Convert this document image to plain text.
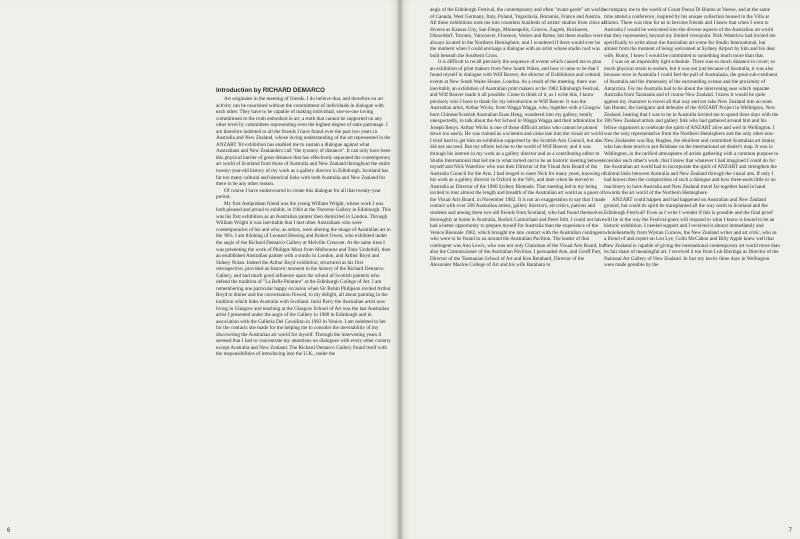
Introduction by RICHARD DEMARCO

Art originates in the meeting of friends. I do believe that, and therefore no art activity can be nourished without the commitment of individuals in dialogue with each other. They have to be capable of making individual, one-to-one loving commitment to the truth embodied in art, a truth that cannot be supported on any other level by committees representing even the highest degree of state patronage. I am therefore indebted to all the friends I have found over the past two years in Australia and New Zealand, whose loving understanding of the art represented in the ANZART '84 exhibition has enabled me to sustain a dialogue against what Australians and New Zealanders call "the tyranny of distance". It can only have been this physical barrier of great distance that has effectively separated the contemporary art world of Scotland from those of Australia and New Zealand throughout the entire twenty-year-old history of my work as a gallery director in Edinburgh. Scotland has far too many cultural and historical links with both Australia and New Zealand for there to be any other reason.

Of course I have endeavoured to create this dialogue for all that twenty-year period.

My first Antipodean friend was the young William Wright, whose work I was both pleased and proud to exhibit, in 1964 at the Traverse Gallery in Edinburgh. This was his first exhibition as an Australian painter then domiciled in London. Through William Wright it was inevitable that I met other Australians who were contemporaries of his and who, as artists, were altering the image of Australian art in the '60's. I am thinking of Leonard Hessing and Robert Owen, who exhibited under the aegis of the Richard Demarco Gallery at Melville Crescent. At the same time I was presenting the work of Philippe Mora from Melbourne and Tony Underhill, then an established Australian painter with a studio in London, and Arthur Boyd and Sidney Nolan. Indeed the Arthur Boyd exhibition, structured as his first retrospective, provided an historic moment in the history of the Richard Demarco Gallery, and had much good influence upon the school of Scottish painters who defend the tradition of "La Belle Peinture" at the Edinburgh College of Art. I am remembering one particular happy occasion when Sir Robin Philipson invited Arthur Boyd to dinner and the conversation flowed, to my delight, all about painting in the tradition which links Australia with Scotland. Jacki Parry the Australian artist now living in Glasgow and teaching at the Glasgow School of Art was the last Australian artist I presented under the aegis of the Gallery in 1980 in Edinburgh and in association with the Galleria Del Cavallino in 1983 in Venice. I am indebted to her for the contacts she made for me helping me to consider the inevitability of my discovering the Australian art world for myself. Through the intervening years it seemed that I had to concentrate my attentions on dialogues with every other country except Australia and New Zealand. The Richard Demarco Gallery found itself with the responsibilities of introducing into the U.K., under the

6

aegis of the Edinburgh Festival, the contemporary and often "avant-garde" art worlds of Canada, West Germany, Italy, Poland, Yugoslavia, Romania, France and Austria. All these exhibitions took me into countless hundreds of artists' studios from cities as diverse as Kansas City, San Diego, Minneapolis, Cracow, Zagreb, Bucharest, Düsseldorf, Toronto, Vancouver, Florence, Venice and Rome, but these studios were always located in the Northern Hemisphere, and I wondered if there would ever be the moment when I could envisage a dialogue with an artist whose studio roof was built beneath the Southern Cross.

It is difficult to recall precisely the sequence of events which caused me to plan an exhibition of print makers from New South Wales, and how it came to be that I found myself in dialogue with Wilf Beaver, the director of Exhibitions and cultural events at New South Wales House, London. As a result of the meeting, there was inevitably an exhibition of Australian print makers at the 1982 Edinburgh Festival, and Wilf Beaver made it all possible. Come to think of it, as I write this, I know precisely who I have to thank for my introduction to Wilf Beaver. It was the Australian artist, Arthur Wicks, from Wagga Wagga, who, together with a Glasgow born Chinese/Scottish Australian Euan Heng, wandered into my gallery, totally unexpectedly, to talk about the Art School in Wagga Wagga and their admiration for Joseph Beuys. Arthur Wicks is one of those difficult artists who cannot be pinned down too easily. He was trained as a scientist and came late into the visual art world. I tried hard to get him an exhibition supported by the Scottish Arts Council, but alas did not succeed. But my efforts led me to the world of Wilf Beaver, and it was through his interest in my work as a gallery director and as a contributing editor to Studio International that led me to what turned out to be an historic meeting between myself and Nick Waterlow who was then Director of the Visual Arts Board of the Australia Council for the Arts. I had longed to meet Nick for many years, knowing of his work as a gallery director in Oxford in the '60's, and later when he moved to Australia as Director of the 1980 Sydney Biennale. That meeting led to my being invited to tour almost the length and breadth of the Australian art world as a guest of the Visual Arts Board, in November 1982. It is not an exaggeration to say that I made contact with over 500 Australian artists, gallery directors, art critics, patrons and students and among them two old friends from Scotland, who had found themselves thoroughly at home in Australia, Rodick Carmichael and Peter Stitt. I could not have had a better opportunity to prepare myself for Australia than the experience of the Venice Biennale 1982, which brought me into contact with the Australian contingent who were to be found in an around the Australian Pavilion. The leader of that contingent was Ann Lewis, who was not only Chairman of the Visual Arts Board, but also the Commissioner of the Australian Pavilion. I persuaded Ann, and Geoff Parr, Director of the Tasmanian School of Art and Ken Reinhard, Director of the Alexander Mackie College of Art and his wife Barabara to

accompany me to the world of Count Panza Di Biumo at Varese, and at the same time attend a conference, inspired by his unique collection housed in the Villa at Biumo. There was time for us to become friends and I knew that when I went to Australia I would be welcomed into the diverse aspects of the Australian art world that they represented, beyond my limited viewpoint. Nick Waterlow had invited me specifically to write about the Australian art scene for Studio International, but almost from the moment of being welcomed at Sydney Airport by him and his dear wife, Romy, I knew I would be committed to something much more than that.

I was on an impossibly tight schedule. There was so much distance to cover; so much physical strain to endure, but it was not just because of Australia, it was also because once in Australia I could feel the pull of Australasia, the great sub-continent of Australia and the immensity of the surrounding oceans and the proximity of Antarctica. For me Australia had to be about the intervening seas which separate Australia from Tasmania and of course New Zealand. I knew it would be quite against my character to travel all that way and not take New Zealand into account. Ian Hunter, the instigator and defender of the ANZART Project in Wellington, New Zealand, hearing that I was to be in Australia invited me to spend three days with the 300 New Zealand artists and gallery folk who had gathered around him and his fellow organisers to celebrate the spirit of ANZART alive and well in Wellington. I was the only representative from the Northern Hemisphere and the only other non-New Zealander was Ray Hughes, the ebullient and committed Australian art dealer, who has done much to put Brisbane on the international art dealer's map. It was in Wellington, in the rarified atmosphere of artists gathering with a common purpose to consider each other's work, that I knew that whatever I had imagined I could do for the Australian art world had to incorporate the spirit of ANZART and strengthen the cultural links between Australia and New Zealand through the visual arts. If only I had known then the complexities of such a dialogue and how three-easts little or no machinery to have Australia and New Zealand travel far together hand in hand towards the art world of the Northern Hemisphere.

ANZART could happen and had happened on Australian and New Zealand ground, but could its spirit be transplanted all the way north to Scotland and the Edinburgh Festival? Even as I write I wonder if this is possible and the final proof will be in the way the Festival-goers will respond to what I know is bound to be an historic exhibition. I needed support and I received it almost immediately and wholeheartedly from Wystan Curnow, the New Zealand writer and art critic, who as a friend of and expert on Len Lye, Colin McCahon and Billy Apple knew well that New Zealand is capable of giving the international contemporary art world more than its fair share of meaningful art. I received it too from Luit Bieringa as Director of the National Art Gallery of New Zealand. In fact my hectic three days in Wellington were made possible by the

7
